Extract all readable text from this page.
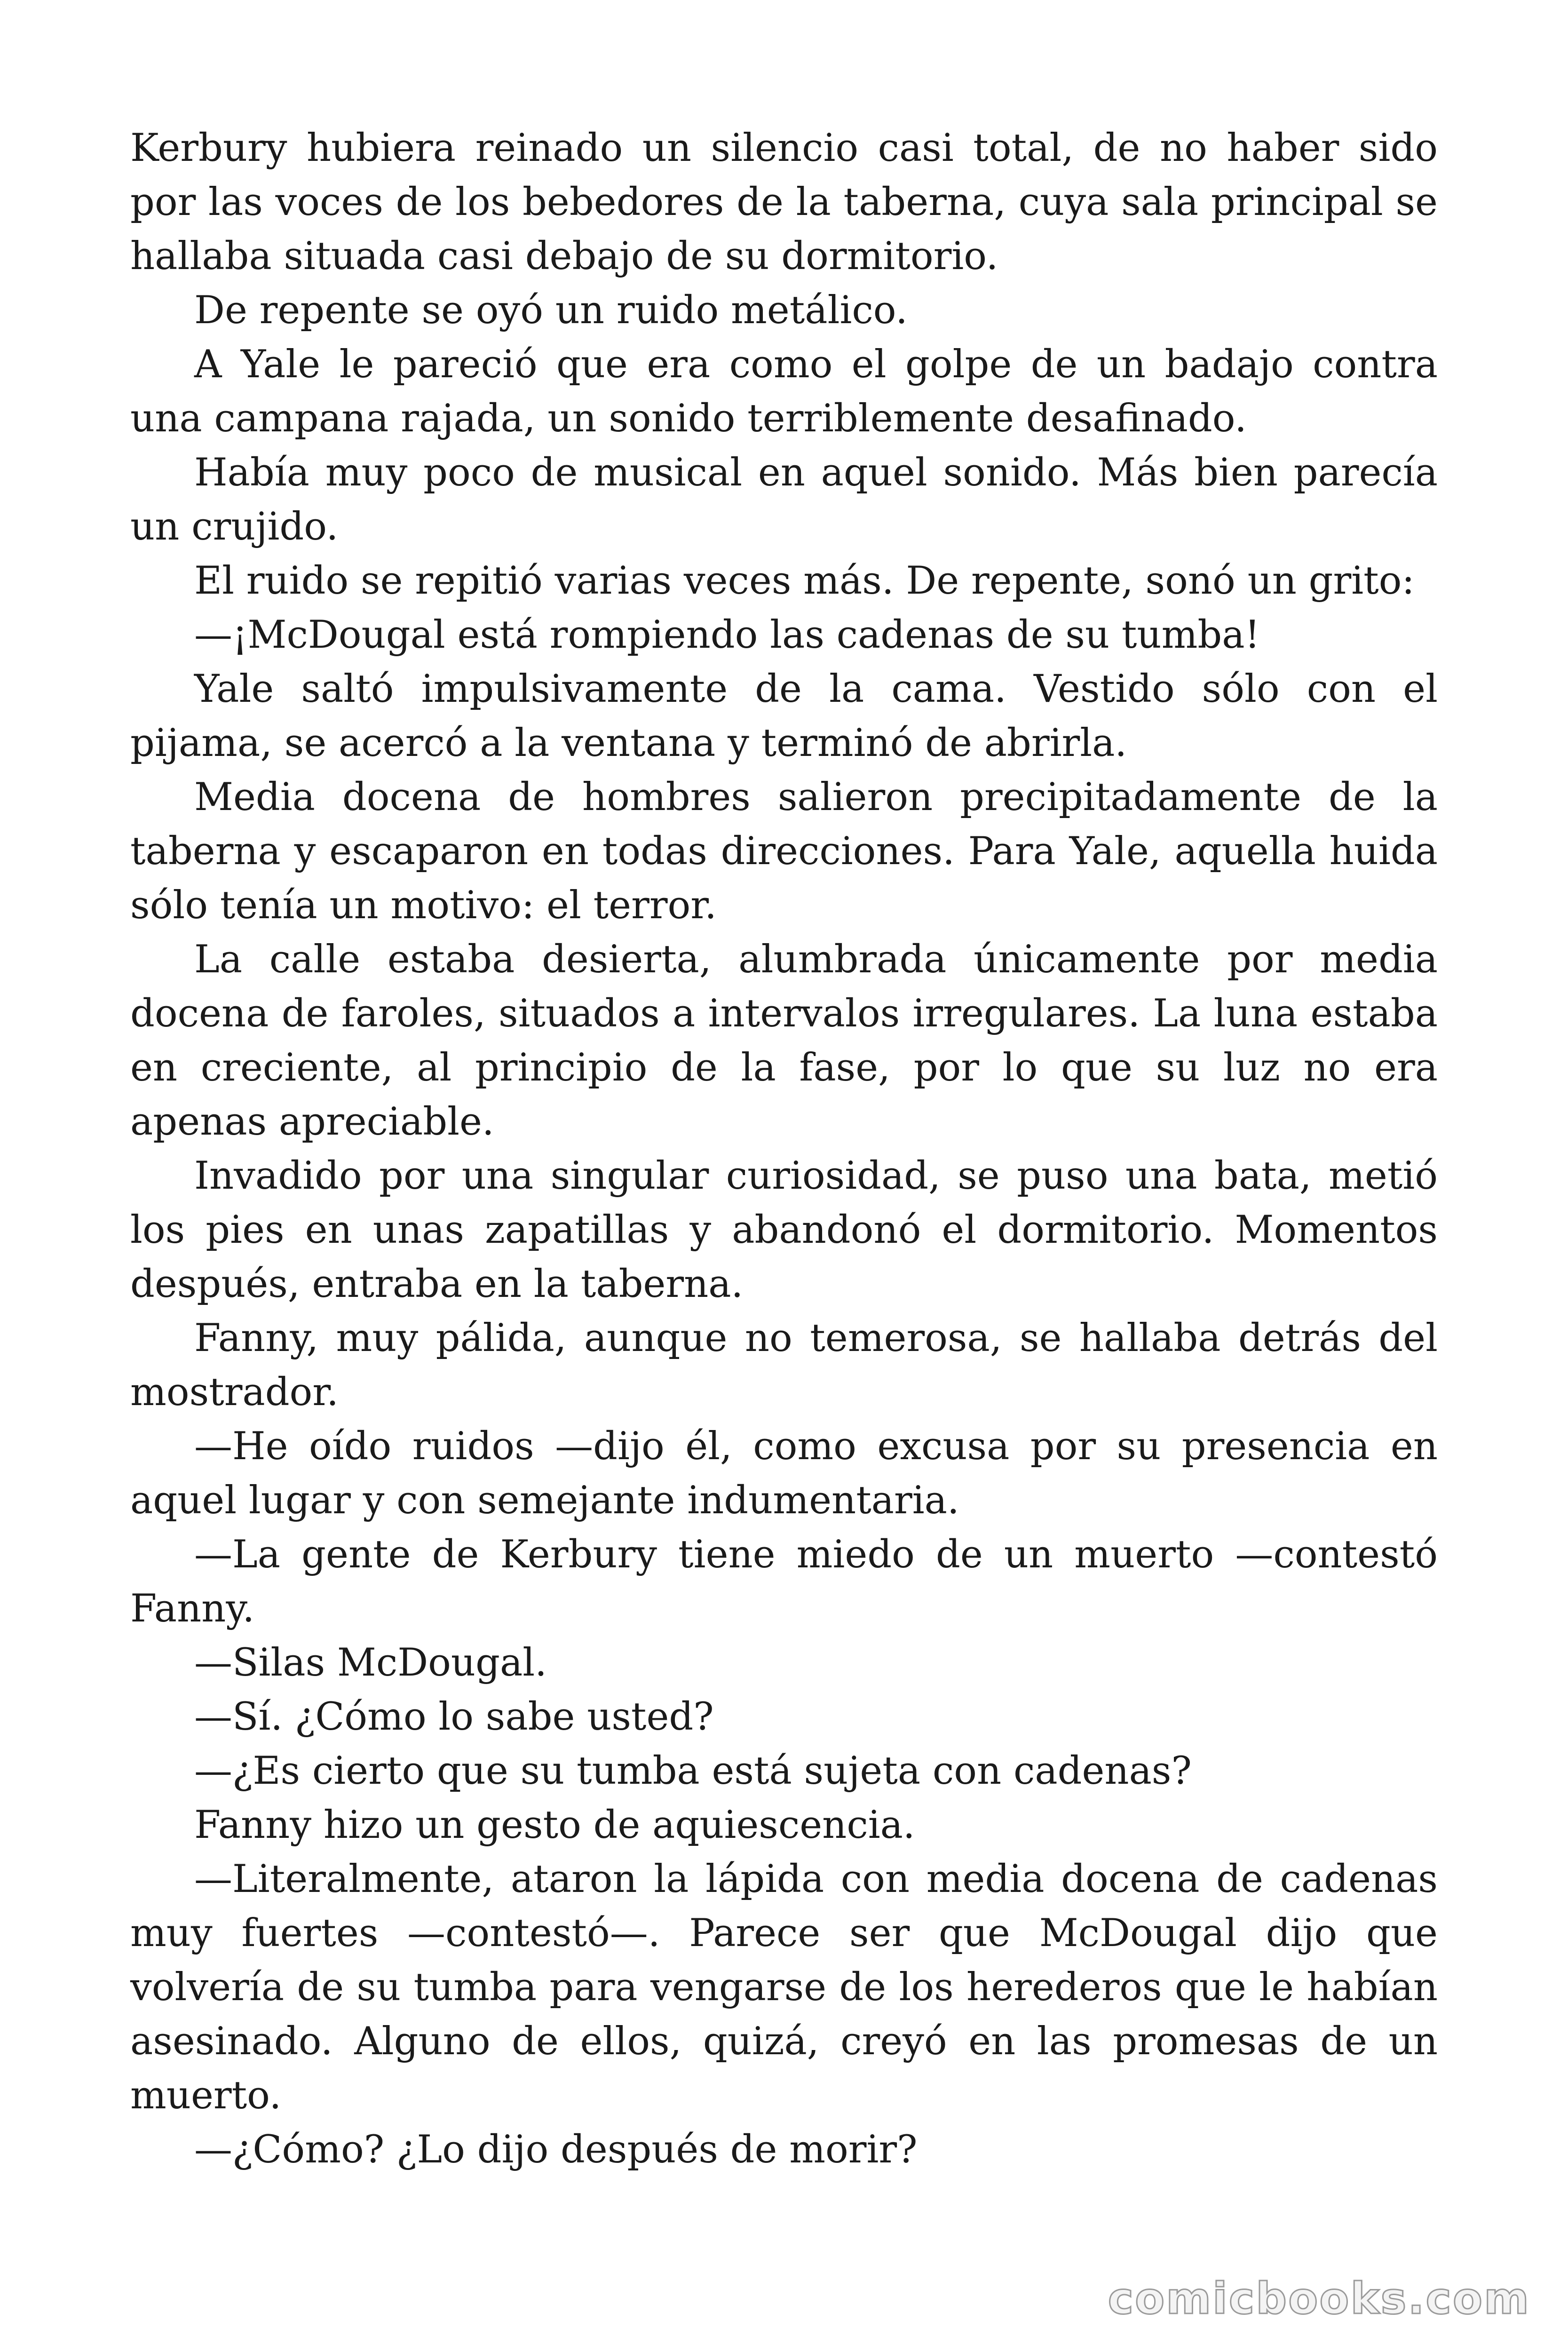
Kerbury hubiera reinado un silencio casi total, de no haber sido por las voces de los bebedores de la taberna, cuya sala principal se hallaba situada casi debajo de su dormitorio.

De repente se oyó un ruido metálico.

A Yale le pareció que era como el golpe de un badajo contra una campana rajada, un sonido terriblemente desafinado.

Había muy poco de musical en aquel sonido. Más bien parecía un crujido.

El ruido se repitió varias veces más. De repente, sonó un grito:

—¡McDougal está rompiendo las cadenas de su tumba!

Yale saltó impulsivamente de la cama. Vestido sólo con el pijama, se acercó a la ventana y terminó de abrirla.

Media docena de hombres salieron precipitadamente de la taberna y escaparon en todas direcciones. Para Yale, aquella huida sólo tenía un motivo: el terror.

La calle estaba desierta, alumbrada únicamente por media docena de faroles, situados a intervalos irregulares. La luna estaba en creciente, al principio de la fase, por lo que su luz no era apenas apreciable.

Invadido por una singular curiosidad, se puso una bata, metió los pies en unas zapatillas y abandonó el dormitorio. Momentos después, entraba en la taberna.

Fanny, muy pálida, aunque no temerosa, se hallaba detrás del mostrador.

—He oído ruidos —dijo él, como excusa por su presencia en aquel lugar y con semejante indumentaria.

—La gente de Kerbury tiene miedo de un muerto —contestó Fanny.

—Silas McDougal.

—Sí. ¿Cómo lo sabe usted?

—¿Es cierto que su tumba está sujeta con cadenas?

Fanny hizo un gesto de aquiescencia.

—Literalmente, ataron la lápida con media docena de cadenas muy fuertes —contestó—. Parece ser que McDougal dijo que volvería de su tumba para vengarse de los herederos que le habían asesinado. Alguno de ellos, quizá, creyó en las promesas de un muerto.

—¿Cómo? ¿Lo dijo después de morir?

comicbooks.com
